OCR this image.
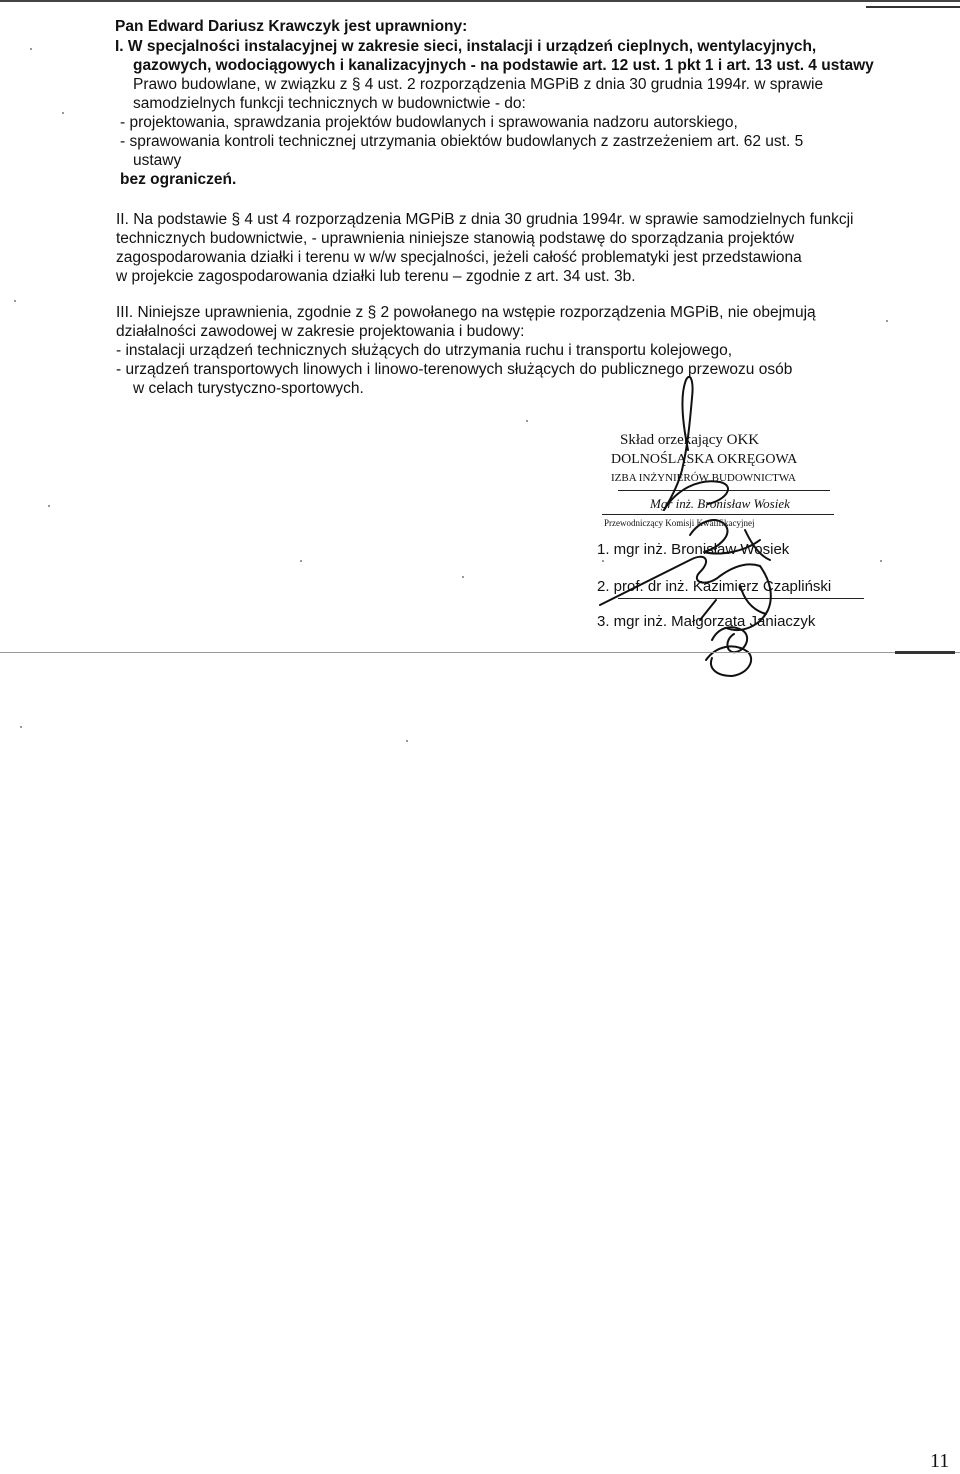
Pan Edward Dariusz Krawczyk jest uprawniony:
I. W specjalności instalacyjnej w zakresie sieci, instalacji i urządzeń cieplnych, wentylacyjnych,
gazowych, wodociągowych i kanalizacyjnych - na podstawie art. 12 ust. 1 pkt 1 i art. 13 ust. 4 ustawy
Prawo budowlane, w związku z § 4 ust. 2 rozporządzenia MGPiB z dnia 30 grudnia 1994r. w sprawie
samodzielnych funkcji technicznych w budownictwie - do:
- projektowania, sprawdzania projektów budowlanych i sprawowania nadzoru autorskiego,
- sprawowania kontroli technicznej utrzymania obiektów budowlanych z zastrzeżeniem art. 62 ust. 5
ustawy
bez ograniczeń.
II. Na podstawie § 4 ust 4 rozporządzenia MGPiB z dnia 30 grudnia 1994r. w sprawie samodzielnych funkcji
technicznych budownictwie, - uprawnienia niniejsze stanowią podstawę do sporządzania projektów
zagospodarowania działki i terenu w w/w specjalności, jeżeli całość problematyki jest przedstawiona
w projekcie zagospodarowania działki lub terenu – zgodnie z art. 34 ust. 3b.
III. Niniejsze uprawnienia, zgodnie z § 2 powołanego na wstępie rozporządzenia MGPiB, nie obejmują
działalności zawodowej w zakresie projektowania i budowy:
- instalacji urządzeń technicznych służących do utrzymania ruchu i transportu kolejowego,
- urządzeń transportowych linowych i linowo-terenowych służących do publicznego przewozu osób
w celach turystyczno-sportowych.
Skład orzekający OKK
DOLNOŚLĄSKA OKRĘGOWA
IZBA INŻYNIERÓW BUDOWNICTWA
Mgr inż. Bronisław Wosiek
Przewodniczący Komisji Kwalifikacyjnej
1. mgr inż. Bronisław Wosiek
2. prof. dr inż. Kazimierz Czapliński
3. mgr inż. Małgorzata Janiaczyk
11
